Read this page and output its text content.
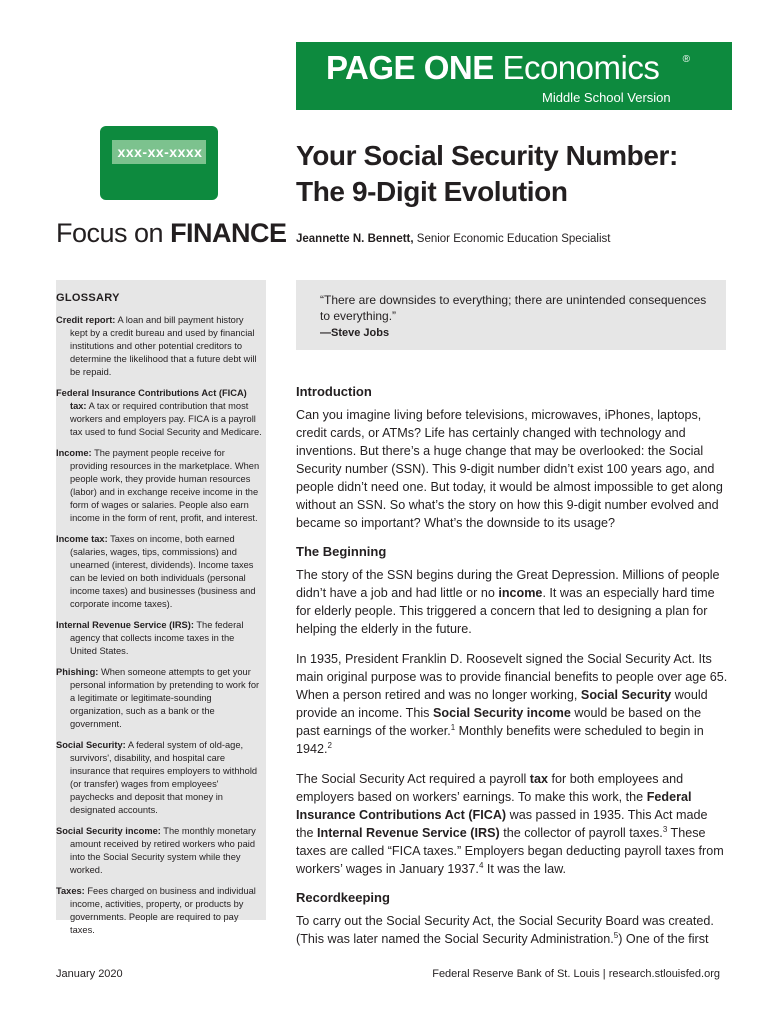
PAGE ONE Economics ®
Middle School Version
xxx-xx-xxxx
Focus on FINANCE
Your Social Security Number:
The 9-Digit Evolution
Jeannette N. Bennett, Senior Economic Education Specialist
GLOSSARY
Credit report: A loan and bill payment history kept by a credit bureau and used by financial institutions and other potential creditors to determine the likelihood that a future debt will be repaid.
Federal Insurance Contributions Act (FICA) tax: A tax or required contribution that most workers and employers pay. FICA is a payroll tax used to fund Social Security and Medicare.
Income: The payment people receive for providing resources in the marketplace. When people work, they provide human resources (labor) and in exchange receive income in the form of wages or salaries. People also earn income in the form of rent, profit, and interest.
Income tax: Taxes on income, both earned (salaries, wages, tips, commissions) and unearned (interest, dividends). Income taxes can be levied on both individuals (personal income taxes) and businesses (business and corporate income taxes).
Internal Revenue Service (IRS): The federal agency that collects income taxes in the United States.
Phishing: When someone attempts to get your personal information by pretending to work for a legitimate or legitimate-sounding organization, such as a bank or the government.
Social Security: A federal system of old-age, survivors', disability, and hospital care insurance that requires employers to withhold (or transfer) wages from employees' paychecks and deposit that money in designated accounts.
Social Security income: The monthly monetary amount received by retired workers who paid into the Social Security system while they worked.
Taxes: Fees charged on business and individual income, activities, property, or products by governments. People are required to pay taxes.

“There are downsides to everything; there are unintended consequences to everything.”

—Steve Jobs

Introduction

Can you imagine living before televisions, microwaves, iPhones, laptops, credit cards, or ATMs? Life has certainly changed with technology and inventions. But there’s a huge change that may be overlooked: the Social Security number (SSN). This 9-digit number didn’t exist 100 years ago, and people didn’t need one. But today, it would be almost impossible to get along without an SSN. So what’s the story on how this 9-digit number evolved and became so important? What’s the downside to its usage?

The Beginning

The story of the SSN begins during the Great Depression. Millions of people didn’t have a job and had little or no income. It was an especially hard time for elderly people. This triggered a concern that led to designing a plan for helping the elderly in the future.

In 1935, President Franklin D. Roosevelt signed the Social Security Act. Its main original purpose was to provide financial benefits to people over age 65. When a person retired and was no longer working, Social Security would provide an income. This Social Security income would be based on the past earnings of the worker.$^1$ Monthly benefits were scheduled to begin in 1942.$^2$

The Social Security Act required a payroll tax for both employees and employers based on workers’ earnings. To make this work, the Federal Insurance Contributions Act (FICA) was passed in 1935. This Act made the Internal Revenue Service (IRS) the collector of payroll taxes.$^3$ These taxes are called “FICA taxes.” Employers began deducting payroll taxes from workers’ wages in January 1937.$^4$ It was the law.

Recordkeeping

To carry out the Social Security Act, the Social Security Board was created. (This was later named the Social Security Administration.$^5$) One of the first

January 2020	Federal Reserve Bank of St. Louis | research.stlouisfed.org
